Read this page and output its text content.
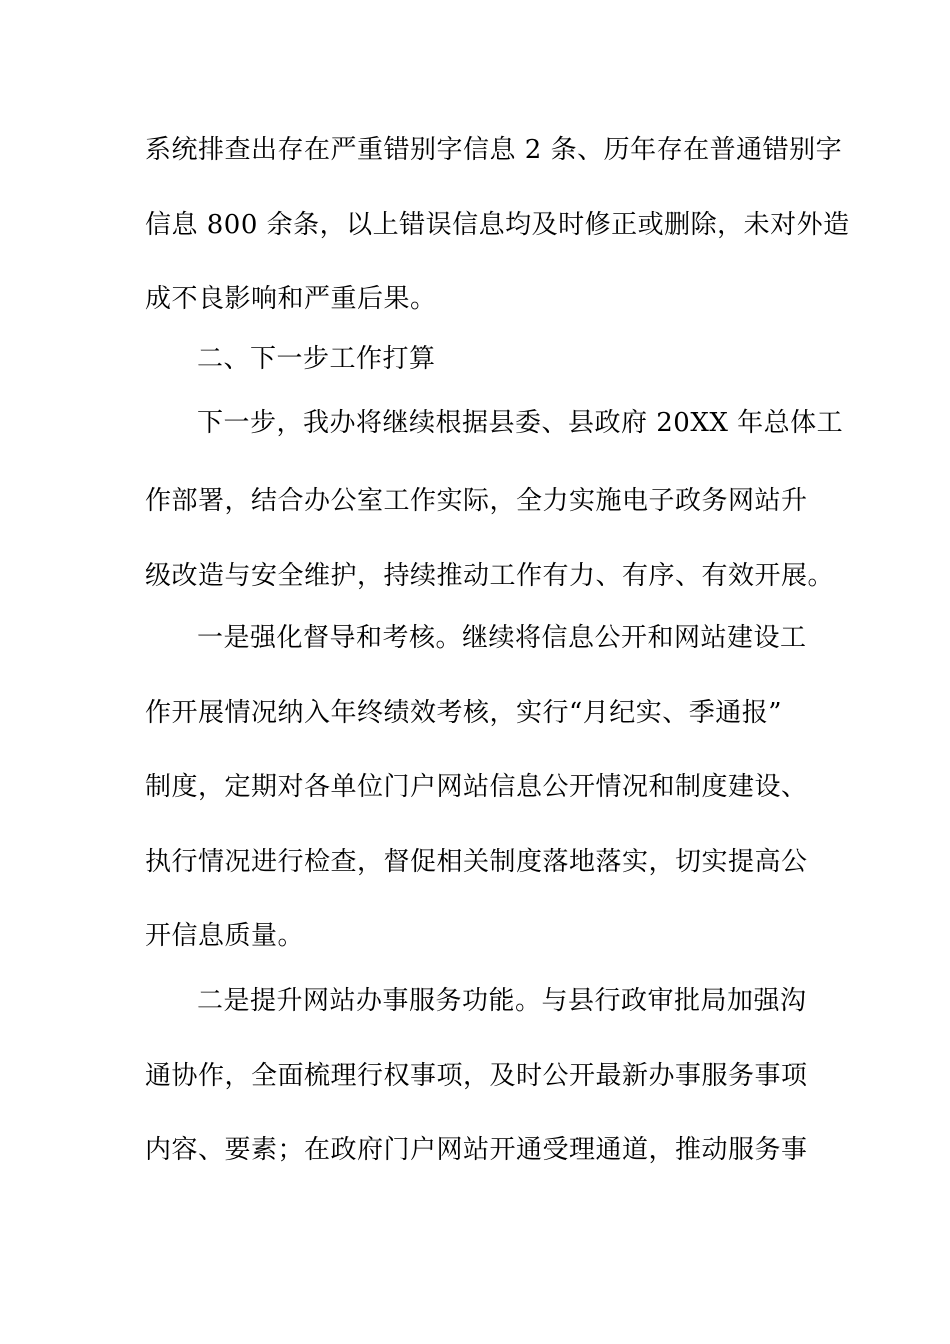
系统排查出存在严重错别字信息 2 条、历年存在普通错别字
信息 800 余条，以上错误信息均及时修正或删除，未对外造
成不良影响和严重后果。
二、下一步工作打算
下一步，我办将继续根据县委、县政府 20XX 年总体工
作部署，结合办公室工作实际，全力实施电子政务网站升
级改造与安全维护，持续推动工作有力、有序、有效开展。
一是强化督导和考核。继续将信息公开和网站建设工
作开展情况纳入年终绩效考核，实行“月纪实、季通报”
制度，定期对各单位门户网站信息公开情况和制度建设、
执行情况进行检查，督促相关制度落地落实，切实提高公
开信息质量。
二是提升网站办事服务功能。与县行政审批局加强沟
通协作，全面梳理行权事项，及时公开最新办事服务事项
内容、要素；在政府门户网站开通受理通道，推动服务事
